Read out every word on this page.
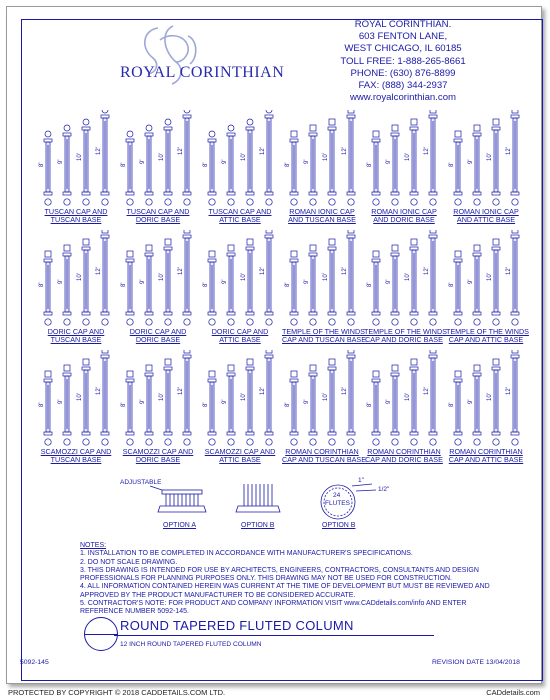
ROYAL CORINTHIAN
ROYAL CORINTHIAN.
603 FENTON LANE,
WEST CHICAGO, IL 60185
TOLL FREE: 1-888-265-8661
PHONE: (630) 876-8899
FAX: (888) 344-2937
www.royalcorinthian.com
8'
9'
10'
12'
TUSCAN CAP AND
TUSCAN BASE
8'
9'
10'
12'
TUSCAN CAP AND
DORIC BASE
8'
9'
10'
12'
TUSCAN CAP AND
ATTIC BASE
8'
9'
10'
12'
ROMAN IONIC CAP
AND TUSCAN BASE
8'
9'
10'
12'
ROMAN IONIC CAP
AND DORIC BASE
8'
9'
10'
12'
ROMAN IONIC CAP
AND ATTIC BASE
8'
9'
10'
12'
DORIC CAP AND
TUSCAN BASE
8'
9'
10'
12'
DORIC CAP AND
DORIC BASE
8'
9'
10'
12'
DORIC CAP AND
ATTIC BASE
8'
9'
10'
12'
TEMPLE OF THE WINDS
CAP AND TUSCAN BASE
8'
9'
10'
12'
TEMPLE OF THE WINDS
CAP AND DORIC BASE
8'
9'
10'
12'
TEMPLE OF THE WINDS
CAP AND ATTIC BASE
8'
9'
10'
12'
SCAMOZZI CAP AND
TUSCAN BASE
8'
9'
10'
12'
SCAMOZZI CAP AND
DORIC BASE
8'
9'
10'
12'
SCAMOZZI CAP AND
ATTIC BASE
8'
9'
10'
12'
ROMAN CORINTHIAN
CAP AND TUSCAN BASE
8'
9'
10'
12'
ROMAN CORINTHIAN
CAP AND DORIC BASE
8'
9'
10'
12'
ROMAN CORINTHIAN
CAP AND ATTIC BASE
ADJUSTABLE
OPTION A	OPTION B
24
FLUTES
1"
1/2"
OPTION B
NOTES:
1. INSTALLATION TO BE COMPLETED IN ACCORDANCE WITH MANUFACTURER'S SPECIFICATIONS.
2. DO NOT SCALE DRAWING.
3. THIS DRAWING IS INTENDED FOR USE BY ARCHITECTS, ENGINEERS, CONTRACTORS, CONSULTANTS AND DESIGN
PROFESSIONALS FOR PLANNING PURPOSES ONLY. THIS DRAWING MAY NOT BE USED FOR CONSTRUCTION.
4. ALL INFORMATION CONTAINED HEREIN WAS CURRENT AT THE TIME OF DEVELOPMENT BUT MUST BE REVIEWED AND
APPROVED BY THE PRODUCT MANUFACTURER TO BE CONSIDERED ACCURATE.
5. CONTRACTOR'S NOTE: FOR PRODUCT AND COMPANY INFORMATION VISIT www.CADdetails.com/info AND ENTER
REFERENCE NUMBER 5092-145.
ROUND TAPERED FLUTED COLUMN
12 INCH ROUND TAPERED FLUTED COLUMN
5092-145	REVISION DATE 13/04/2018
PROTECTED BY COPYRIGHT © 2018 CADDETAILS.COM LTD.	CADdetails.com
